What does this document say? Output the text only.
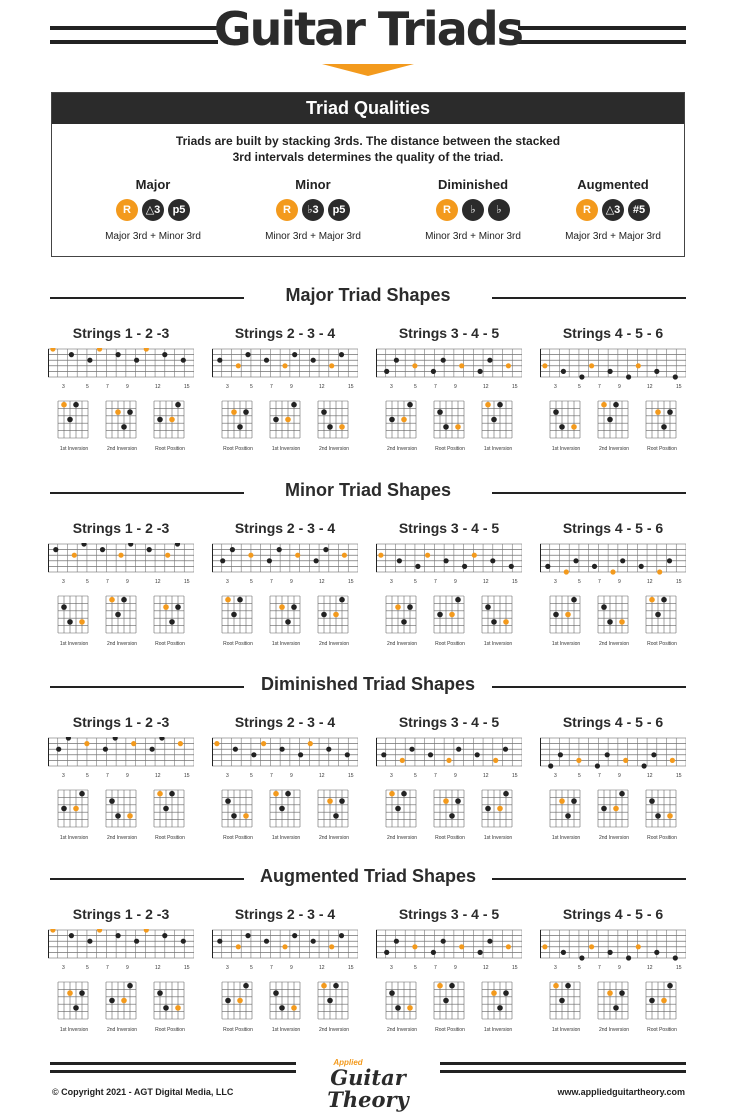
Guitar Triads
Triad Qualities
Triads are built by stacking 3rds. The distance between the stacked
3rd intervals determines the quality of the triad.
Major
R	△3	p5
Major 3rd + Minor 3rd
Minor
R	♭3	p5
Minor 3rd + Major 3rd
Diminished
R	♭	♭
Minor 3rd + Minor 3rd
Augmented
R	△3	#5
Major 3rd + Major 3rd
Major Triad Shapes
Strings 1 - 2 -3
3	5	7	9	12	15
1st Inversion	2nd Inversion	Root Position
Strings 2 - 3 - 4
3	5	7	9	12	15
Root Position	1st Inversion	2nd Inversion
Strings 3 - 4 - 5
3	5	7	9	12	15
2nd Inversion	Root Position	1st Inversion
Strings 4 - 5 - 6
3	5	7	9	12	15
1st Inversion	2nd Inversion	Root Position
Minor Triad Shapes
Strings 1 - 2 -3
3	5	7	9	12	15
1st Inversion	2nd Inversion	Root Position
Strings 2 - 3 - 4
3	5	7	9	12	15
Root Position	1st Inversion	2nd Inversion
Strings 3 - 4 - 5
3	5	7	9	12	15
2nd Inversion	Root Position	1st Inversion
Strings 4 - 5 - 6
3	5	7	9	12	15
1st Inversion	2nd Inversion	Root Position
Diminished Triad Shapes
Strings 1 - 2 -3
3	5	7	9	12	15
1st Inversion	2nd Inversion	Root Position
Strings 2 - 3 - 4
3	5	7	9	12	15
Root Position	1st Inversion	2nd Inversion
Strings 3 - 4 - 5
3	5	7	9	12	15
2nd Inversion	Root Position	1st Inversion
Strings 4 - 5 - 6
3	5	7	9	12	15
1st Inversion	2nd Inversion	Root Position
Augmented Triad Shapes
Strings 1 - 2 -3
3	5	7	9	12	15
1st Inversion	2nd Inversion	Root Position
Strings 2 - 3 - 4
3	5	7	9	12	15
Root Position	1st Inversion	2nd Inversion
Strings 3 - 4 - 5
3	5	7	9	12	15
2nd Inversion	Root Position	1st Inversion
Strings 4 - 5 - 6
3	5	7	9	12	15
1st Inversion	2nd Inversion	Root Position
Applied
Guitar Theory
© Copyright 2021 - AGT Digital Media, LLC	www.appliedguitartheory.com
